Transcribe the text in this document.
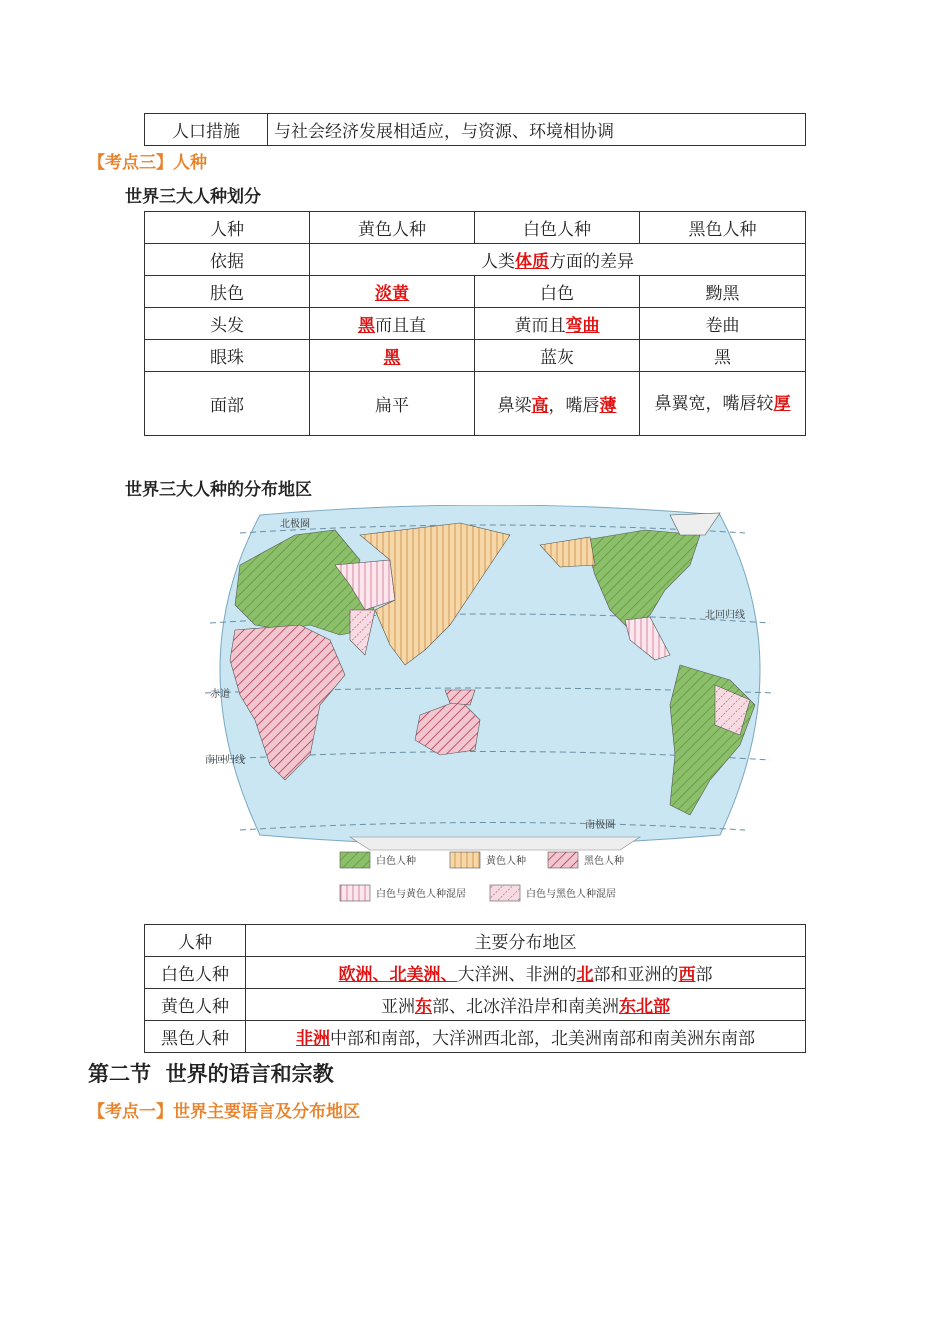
人口措施	与社会经济发展相适应，与资源、环境相协调
【考点三】人种
世界三大人种划分
人种	黄色人种	白色人种	黑色人种
依据	人类体质方面的差异		
肤色	淡黄	白色	黝黑
头发	黑而且直	黄而且弯曲	卷曲
眼珠	黑	蓝灰	黑
面部	扁平	鼻梁高，嘴唇薄	鼻翼宽，嘴唇较厚
世界三大人种的分布地区
北极圈
北回归线
赤道
南回归线
南极圈
白色人种	黄色人种	黑色人种
白色与黄色人种混居	白色与黑色人种混居
人种	主要分布地区
白色人种	欧洲、北美洲、大洋洲、非洲的北部和亚洲的西部
黄色人种	亚洲东部、北冰洋沿岸和南美洲东北部
黑色人种	非洲中部和南部，大洋洲西北部，北美洲南部和南美洲东南部
第二节  世界的语言和宗教
【考点一】世界主要语言及分布地区
